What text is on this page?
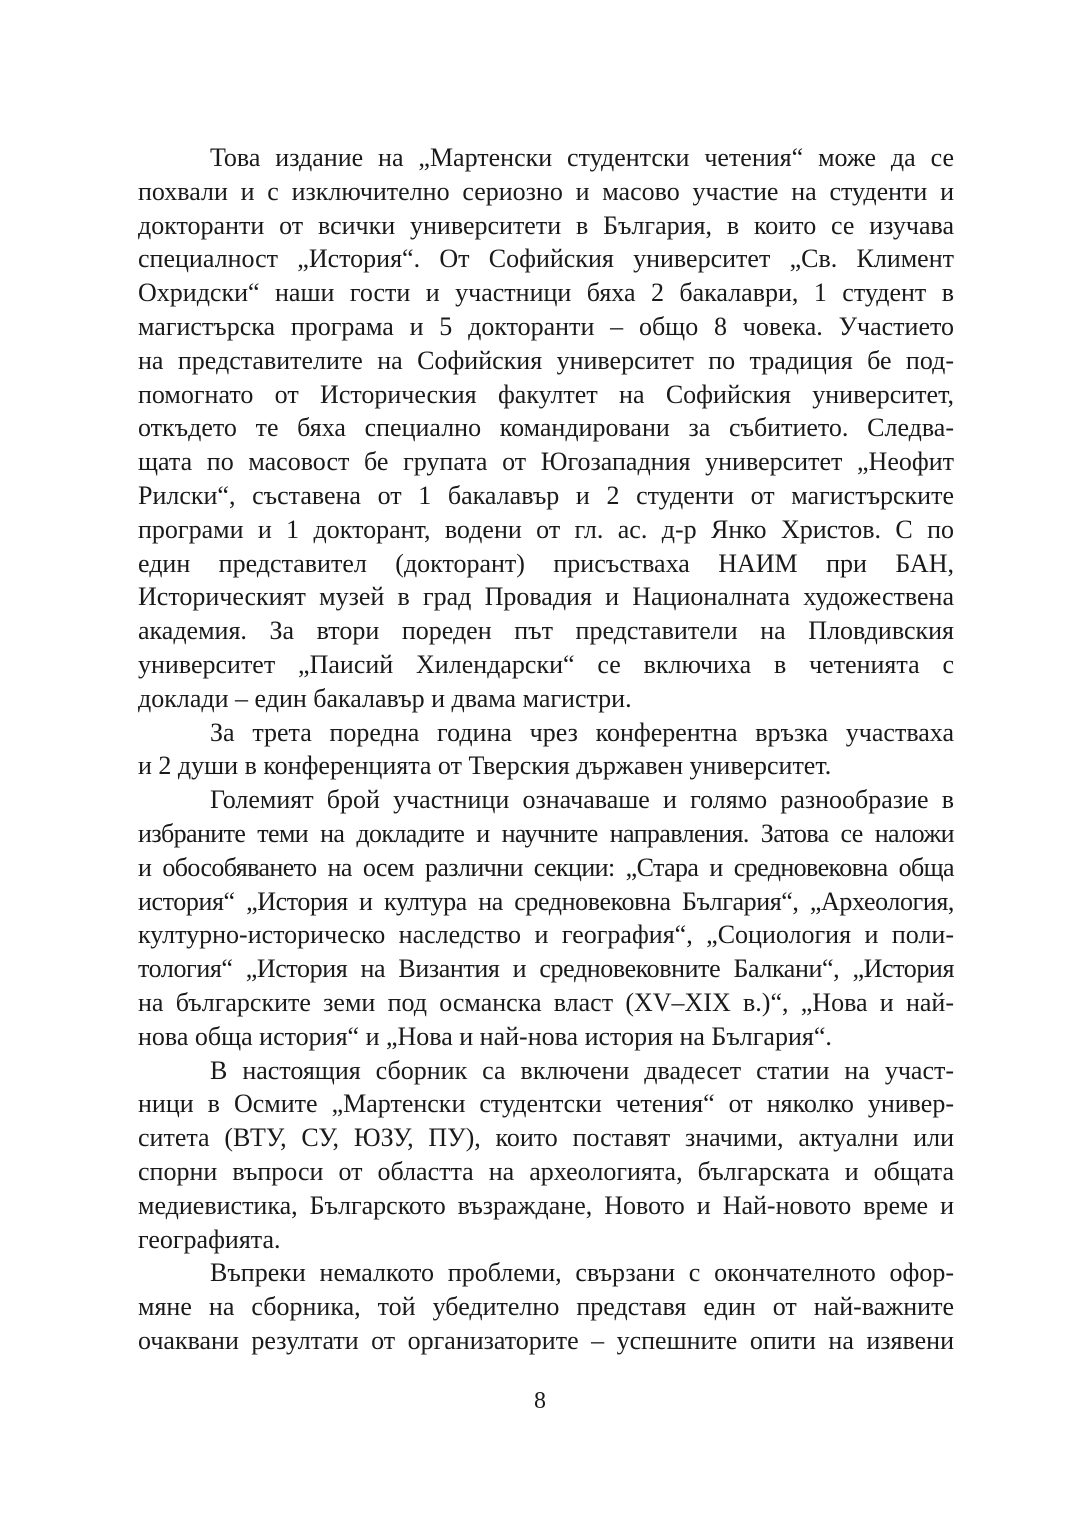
Това издание на „Мартенски студентски четения“ може да се
похвали и с изключително сериозно и масово участие на студенти и
докторанти от всички университети в България, в които се изучава
специалност „История“. От Софийския университет „Св. Климент
Охридски“ наши гости и участници бяха 2 бакалаври, 1 студент в
магистърска програма и 5 докторанти – общо 8 човека. Участието
на представителите на Софийския университет по традиция бе под-
помогнато от Историческия факултет на Софийския университет,
откъдето те бяха специално командировани за събитието. Следва-
щата по масовост бе групата от Югозападния университет „Неофит
Рилски“, съставена от 1 бакалавър и 2 студенти от магистърските
програми и 1 докторант, водени от гл. ас. д-р Янко Христов. С по
един представител (докторант) присъстваха НАИМ при БАН,
Историческият музей в град Провадия и Националната художествена
академия. За втори пореден път представители на Пловдивския
университет „Паисий Хилендарски“ се включиха в четенията с
доклади – един бакалавър и двама магистри.
За трета поредна година чрез конферентна връзка участваха
и 2 души в конференцията от Тверския държавен университет.
Големият брой участници означаваше и голямо разнообразие в
избраните теми на докладите и научните направления. Затова се наложи
и обособяването на осем различни секции: „Стара и средновековна обща
история“ „История и култура на средновековна България“, „Археология,
културно-историческо наследство и география“, „Социология и поли-
тология“ „История на Византия и средновековните Балкани“, „История
на българските земи под османска власт (XV–XIX в.)“, „Нова и най-
нова обща история“ и „Нова и най-нова история на България“.
В настоящия сборник са включени двадесет статии на участ-
ници в Осмите „Мартенски студентски четения“ от няколко универ-
ситета (ВТУ, СУ, ЮЗУ, ПУ), които поставят значими, актуални или
спорни въпроси от областта на археологията, българската и общата
медиевистика, Българското възраждане, Новото и Най-новото време и
географията.
Въпреки немалкото проблеми, свързани с окончателното офор-
мяне на сборника, той убедително представя един от най-важните
очаквани резултати от организаторите – успешните опити на изявени
8
